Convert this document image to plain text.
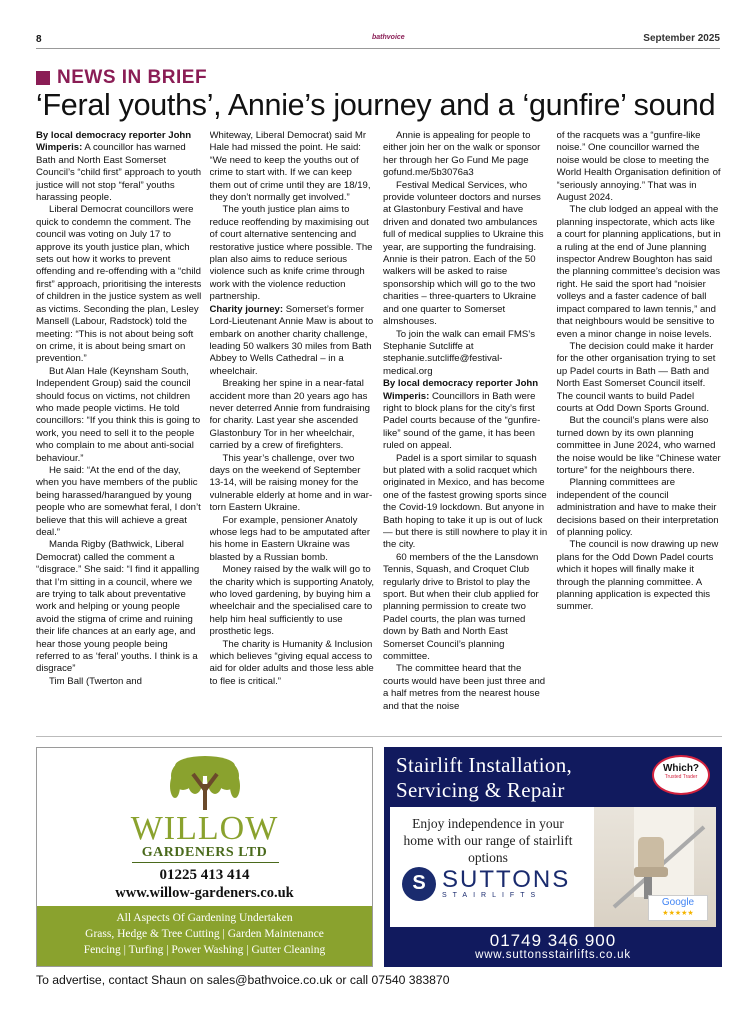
8	bathvoice	September 2025
NEWS IN BRIEF
‘Feral youths’, Annie’s journey and a ‘gunfire’ sound

By local democracy reporter John Wimperis: A councillor has warned Bath and North East Somerset Council’s “child first” approach to youth justice will not stop “feral” youths harassing people.

Liberal Democrat councillors were quick to condemn the comment. The council was voting on July 17 to approve its youth justice plan, which sets out how it works to prevent offending and re-offending with a “child first” approach, prioritising the interests of children in the justice system as well as victims. Seconding the plan, Lesley Mansell (Labour, Radstock) told the meeting: “This is not about being soft on crime, it is about being smart on prevention.”

But Alan Hale (Keynsham South, Independent Group) said the council should focus on victims, not children who made people victims. He told councillors: “If you think this is going to work, you need to sell it to the people who complain to me about anti-social behaviour.”

He said: “At the end of the day, when you have members of the public being harassed/harangued by young people who are somewhat feral, I don’t believe that this will achieve a great deal.”

Manda Rigby (Bathwick, Liberal Democrat) called the comment a “disgrace.” She said: “I find it appalling that I’m sitting in a council, where we are trying to talk about preventative work and helping or young people avoid the stigma of crime and ruining their life chances at an early age, and hear those young people being referred to as ‘feral’ youths. I think is a disgrace”

Tim Ball (Twerton and

Whiteway, Liberal Democrat) said Mr Hale had missed the point. He said: “We need to keep the youths out of crime to start with. If we can keep them out of crime until they are 18/19, they don’t normally get involved.”

The youth justice plan aims to reduce reoffending by maximising out of court alternative sentencing and restorative justice where possible. The plan also aims to reduce serious violence such as knife crime through work with the violence reduction partnership.

Charity journey: Somerset’s former Lord-Lieutenant Annie Maw is about to embark on another charity challenge, leading 50 walkers 30 miles from Bath Abbey to Wells Cathedral – in a wheelchair.

Breaking her spine in a near-fatal accident more than 20 years ago has never deterred Annie from fundraising for charity. Last year she ascended Glastonbury Tor in her wheelchair, carried by a crew of firefighters.

This year’s challenge, over two days on the weekend of September 13-14, will be raising money for the vulnerable elderly at home and in war-torn Eastern Ukraine.

For example, pensioner Anatoly whose legs had to be amputated after his home in Eastern Ukraine was blasted by a Russian bomb.

Money raised by the walk will go to the charity which is supporting Anatoly, who loved gardening, by buying him a wheelchair and the specialised care to help him heal sufficiently to use prosthetic legs.

The charity is Humanity & Inclusion which believes “giving equal access to aid for older adults and those less able to flee is critical.”

Annie is appealing for people to either join her on the walk or sponsor her through her Go Fund Me page gofund.me/5b3076a3

Festival Medical Services, who provide volunteer doctors and nurses at Glastonbury Festival and have driven and donated two ambulances full of medical supplies to Ukraine this year, are supporting the fundraising. Annie is their patron. Each of the 50 walkers will be asked to raise sponsorship which will go to the two charities – three-quarters to Ukraine and one quarter to Somerset almshouses.

To join the walk can email FMS’s Stephanie Sutcliffe at stephanie.sutcliffe@festival-medical.org

By local democracy reporter John Wimperis: Councillors in Bath were right to block plans for the city’s first Padel courts because of the “gunfire-like” sound of the game, it has been ruled on appeal.

Padel is a sport similar to squash but plated with a solid racquet which originated in Mexico, and has become one of the fastest growing sports since the Covid-19 lockdown. But anyone in Bath hoping to take it up is out of luck — but there is still nowhere to play it in the city.

60 members of the the Lansdown Tennis, Squash, and Croquet Club regularly drive to Bristol to play the sport. But when their club applied for planning permission to create two Padel courts, the plan was turned down by Bath and North East Somerset Council’s planning committee.

The committee heard that the courts would have been just three and a half metres from the nearest house and that the noise

of the racquets was a “gunfire-like noise.” One councillor warned the noise would be close to meeting the World Health Organisation definition of “seriously annoying.” That was in August 2024.

The club lodged an appeal with the planning inspectorate, which acts like a court for planning applications, but in a ruling at the end of June planning inspector Andrew Boughton has said the planning committee’s decision was right. He said the sport had “noisier volleys and a faster cadence of ball impact compared to lawn tennis,” and that neighbours would be sensitive to even a minor change in noise levels.

The decision could make it harder for the other organisation trying to set up Padel courts in Bath — Bath and North East Somerset Council itself. The council wants to build Padel courts at Odd Down Sports Ground.

But the council’s plans were also turned down by its own planning committee in June 2024, who warned the noise would be like “Chinese water torture” for the neighbours there.

Planning committees are independent of the council administration and have to make their decisions based on their interpretation of planning policy.

The council is now drawing up new plans for the Odd Down Padel courts which it hopes will finally make it through the planning committee. A planning application is expected this summer.

WILLOW
GARDENERS LTD
01225 413 414
www.willow-gardeners.co.uk
All Aspects Of Gardening Undertaken
Grass, Hedge & Tree Cutting | Garden Maintenance
Fencing | Turfing | Power Washing | Gutter Cleaning
Stairlift Installation,
Servicing & Repair
Which?
Trusted Trader
Enjoy independence in your home with our range of stairlift options
S SUTTONS
STAIRLIFTS
Google
★★★★★
01749 346 900
www.suttonsstairlifts.co.uk
To advertise, contact Shaun on sales@bathvoice.co.uk or call 07540 383870
